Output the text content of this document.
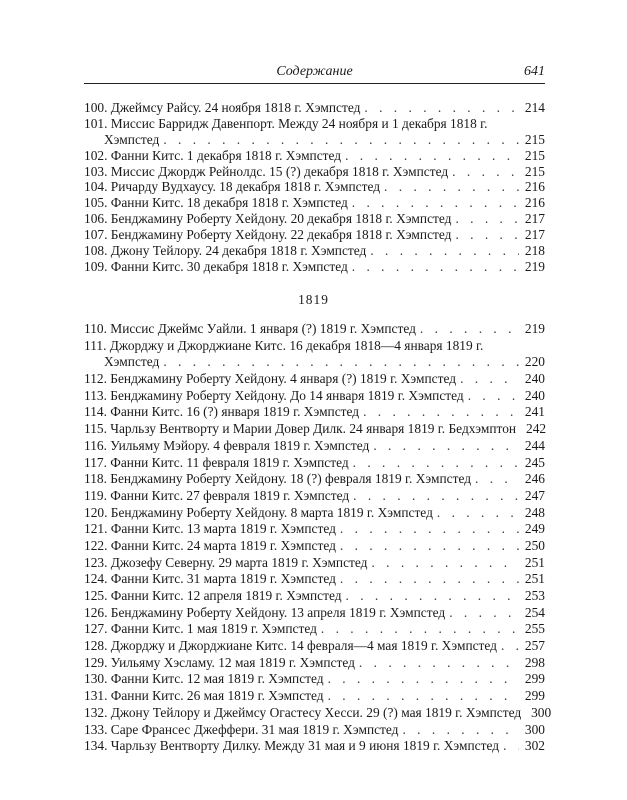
Содержание	641
100. Джеймсу Райсу. 24 ноября 1818 г. Хэмпстед . . .	214
101. Миссис Барридж Давенпорт. Между 24 ноября и 1 декабря 1818 г.
Хэмпстед . . .	215
102. Фанни Китс. 1 декабря 1818 г. Хэмпстед . . .	215
103. Миссис Джордж Рейнолдс. 15 (?) декабря 1818 г. Хэмпстед . . .	215
104. Ричарду Вудхаусу. 18 декабря 1818 г. Хэмпстед . . .	216
105. Фанни Китс. 18 декабря 1818 г. Хэмпстед . . .	216
106. Бенджамину Роберту Хейдону. 20 декабря 1818 г. Хэмпстед . . .	217
107. Бенджамину Роберту Хейдону. 22 декабря 1818 г. Хэмпстед . . .	217
108. Джону Тейлору. 24 декабря 1818 г. Хэмпстед . . .	218
109. Фанни Китс. 30 декабря 1818 г. Хэмпстед . . .	219
1819
110. Миссис Джеймс Уайли. 1 января (?) 1819 г. Хэмпстед . . .	219
111. Джорджу и Джорджиане Китс. 16 декабря 1818—4 января 1819 г.
Хэмпстед . . .	220
112. Бенджамину Роберту Хейдону. 4 января (?) 1819 г. Хэмпстед . . .	240
113. Бенджамину Роберту Хейдону. До 14 января 1819 г. Хэмпстед . . .	240
114. Фанни Китс. 16 (?) января 1819 г. Хэмпстед . . .	241
115. Чарльзу Вентворту и Марии Довер Дилк. 24 января 1819 г. Бедхэмптон 242
116. Уильяму Мэйору. 4 февраля 1819 г. Хэмпстед . . .	244
117. Фанни Китс. 11 февраля 1819 г. Хэмпстед . . .	245
118. Бенджамину Роберту Хейдону. 18 (?) февраля 1819 г. Хэмпстед . . .	246
119. Фанни Китс. 27 февраля 1819 г. Хэмпстед . . .	247
120. Бенджамину Роберту Хейдону. 8 марта 1819 г. Хэмпстед . . .	248
121. Фанни Китс. 13 марта 1819 г. Хэмпстед . . .	249
122. Фанни Китс. 24 марта 1819 г. Хэмпстед . . .	250
123. Джозефу Северну. 29 марта 1819 г. Хэмпстед . . .	251
124. Фанни Китс. 31 марта 1819 г. Хэмпстед . . .	251
125. Фанни Китс. 12 апреля 1819 г. Хэмпстед . . .	253
126. Бенджамину Роберту Хейдону. 13 апреля 1819 г. Хэмпстед . . .	254
127. Фанни Китс. 1 мая 1819 г. Хэмпстед . . .	255
128. Джорджу и Джорджиане Китс. 14 февраля—4 мая 1819 г. Хэмпстед . . . 257
129. Уильяму Хэсламу. 12 мая 1819 г. Хэмпстед . . .	298
130. Фанни Китс. 12 мая 1819 г. Хэмпстед . . .	299
131. Фанни Китс. 26 мая 1819 г. Хэмпстед . . .	299
132. Джону Тейлору и Джеймсу Огастесу Хесси. 29 (?) мая 1819 г. Хэмпстед 300
133. Саре Франсес Джеффери. 31 мая 1819 г. Хэмпстед . . .	300
134. Чарльзу Вентворту Дилку. Между 31 мая и 9 июня 1819 г. Хэмпстед . . . 302
